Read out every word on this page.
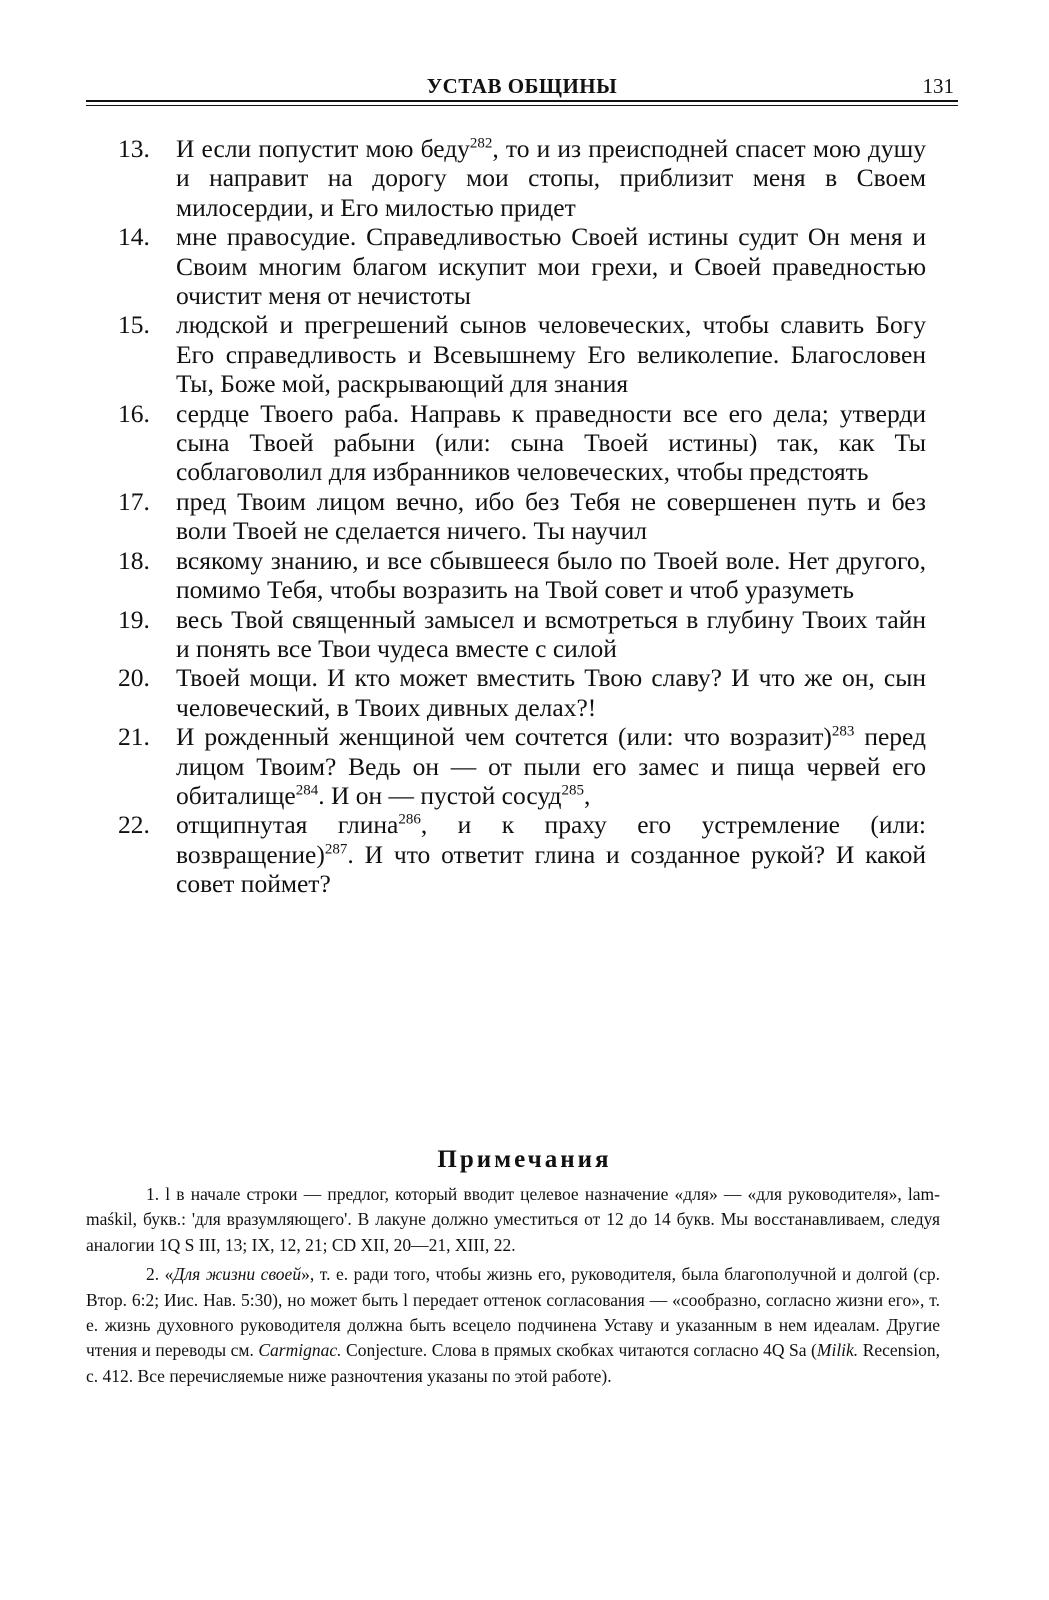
УСТАВ ОБЩИНЫ	131
13. И если попустит мою беду$^{282}$, то и из преисподней спасет мою душу и направит на дорогу мои стопы, приблизит меня в Своем милосердии, и Его милостью придет
14. мне правосудие. Справедливостью Своей истины судит Он меня и Своим многим благом искупит мои грехи, и Своей праведностью очистит меня от нечистоты
15. людской и прегрешений сынов человеческих, чтобы славить Богу Его справедливость и Всевышнему Его великолепие. Благословен Ты, Боже мой, раскрывающий для знания
16. сердце Твоего раба. Направь к праведности все его дела; утверди сына Твоей рабыни (или: сына Твоей истины) так, как Ты соблаговолил для избранников человеческих, чтобы предстоять
17. пред Твоим лицом вечно, ибо без Тебя не совершенен путь и без воли Твоей не сделается ничего. Ты научил
18. всякому знанию, и все сбывшееся было по Твоей воле. Нет другого, помимо Тебя, чтобы возразить на Твой совет и чтоб уразуметь
19. весь Твой священный замысел и всмотреться в глубину Твоих тайн и понять все Твои чудеса вместе с силой
20. Твоей мощи. И кто может вместить Твою славу? И что же он, сын человеческий, в Твоих дивных делах?!
21. И рожденный женщиной чем сочтется (или: что возразит)$^{283}$ перед лицом Твоим? Ведь он — от пыли его замес и пища червей его обиталище$^{284}$. И он — пустой сосуд$^{285}$,
22. отщипнутая глина$^{286}$, и к праху его устремление (или: возвращение)$^{287}$. И что ответит глина и созданное рукой? И какой совет поймет?
Примечания

1. l в начале строки — предлог, который вводит целевое назначение «для» — «для руководителя», lam-maśkil, букв.: 'для вразумляющего'. В лакуне должно уместиться от 12 до 14 букв. Мы восстанавливаем, следуя аналогии 1Q S III, 13; IX, 12, 21; CD XII, 20—21, XIII, 22.

2. «Для жизни своей», т. е. ради того, чтобы жизнь его, руководителя, была благополучной и долгой (ср. Втор. 6:2; Иис. Нав. 5:30), но может быть l передает оттенок согласования — «сообразно, согласно жизни его», т. е. жизнь духовного руководителя должна быть всецело подчинена Уставу и указанным в нем идеалам. Другие чтения и переводы см. Carmignac. Conjecture. Слова в прямых скобках читаются согласно 4Q Sa (Milik. Recension, c. 412. Все перечисляемые ниже разночтения указаны по этой работе).
